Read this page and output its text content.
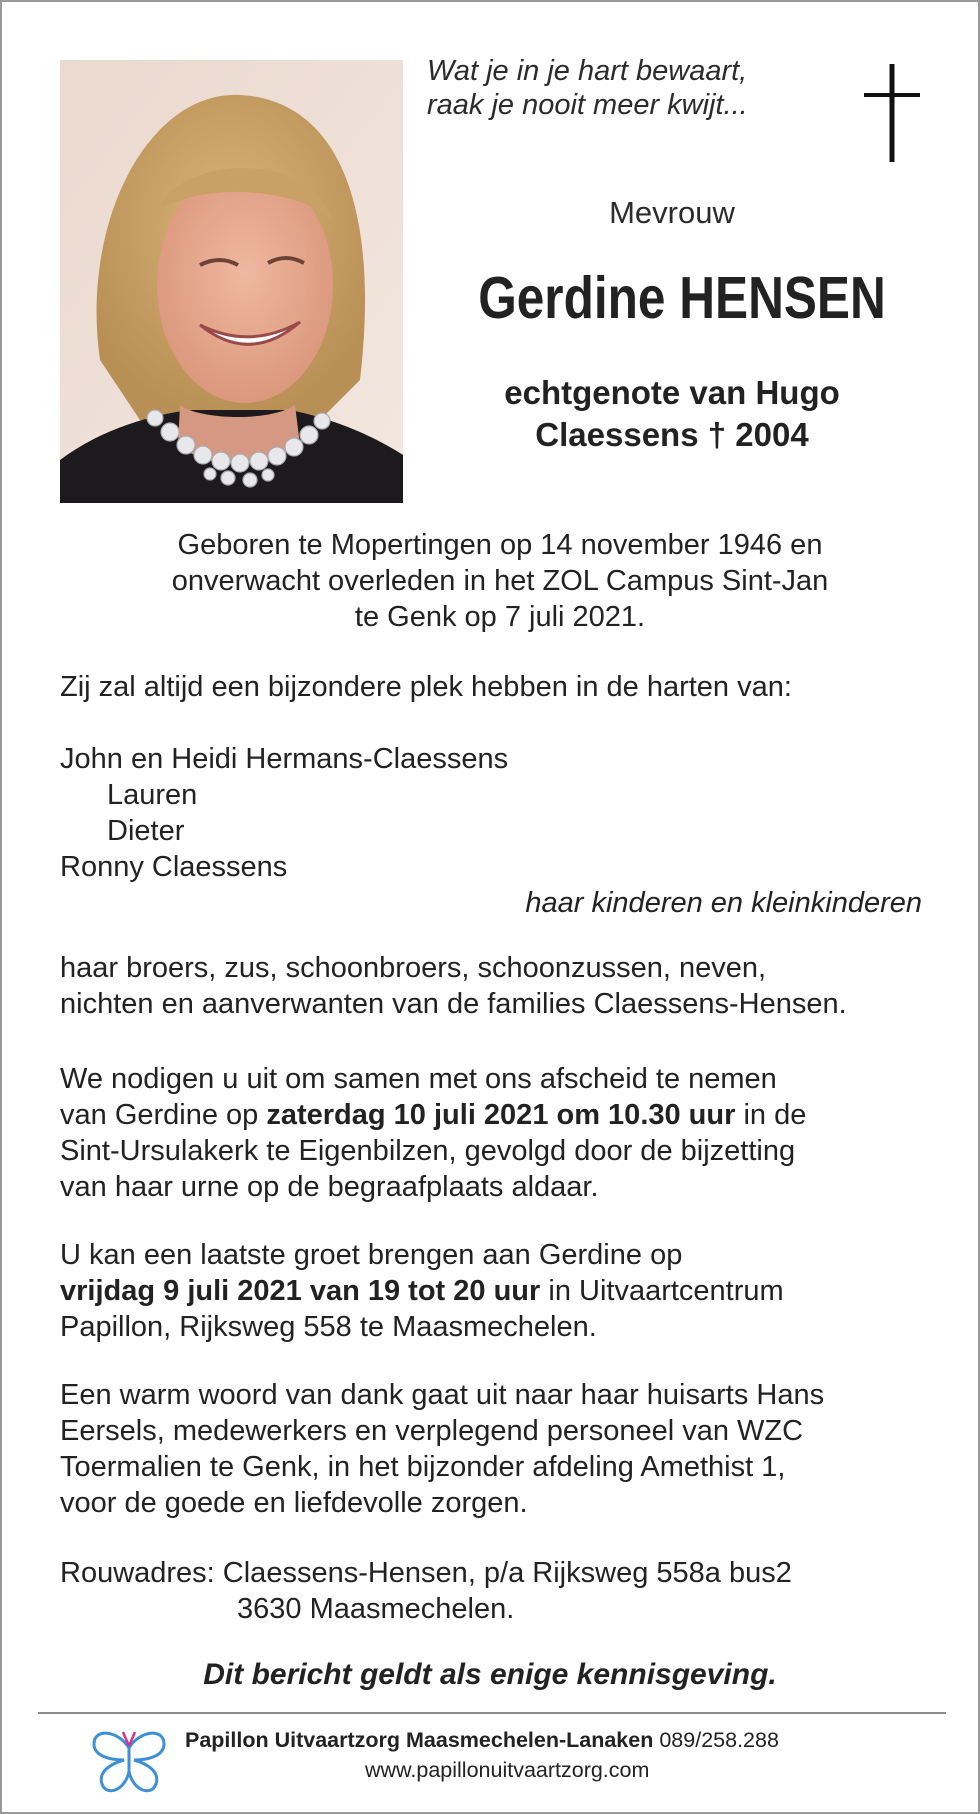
Wat je in je hart bewaart,
raak je nooit meer kwijt...
Mevrouw
Gerdine HENSEN
echtgenote van Hugo
Claessens † 2004
Geboren te Mopertingen op 14 november 1946 en
onverwacht overleden in het ZOL Campus Sint-Jan
te Genk op 7 juli 2021.
Zij zal altijd een bijzondere plek hebben in de harten van:
John en Heidi Hermans-Claessens
Lauren
Dieter
Ronny Claessens
haar kinderen en kleinkinderen
haar broers, zus, schoonbroers, schoonzussen, neven,
nichten en aanverwanten van de families Claessens-Hensen.
We nodigen u uit om samen met ons afscheid te nemen
van Gerdine op zaterdag 10 juli 2021 om 10.30 uur in de
Sint-Ursulakerk te Eigenbilzen, gevolgd door de bijzetting
van haar urne op de begraafplaats aldaar.
U kan een laatste groet brengen aan Gerdine op
vrijdag 9 juli 2021 van 19 tot 20 uur in Uitvaartcentrum
Papillon, Rijksweg 558 te Maasmechelen.
Een warm woord van dank gaat uit naar haar huisarts Hans
Eersels, medewerkers en verplegend personeel van WZC
Toermalien te Genk, in het bijzonder afdeling Amethist 1,
voor de goede en liefdevolle zorgen.
Rouwadres: Claessens-Hensen, p/a Rijksweg 558a bus2
3630 Maasmechelen.
Dit bericht geldt als enige kennisgeving.
Papillon Uitvaartzorg Maasmechelen-Lanaken 089/258.288
www.papillonuitvaartzorg.com
